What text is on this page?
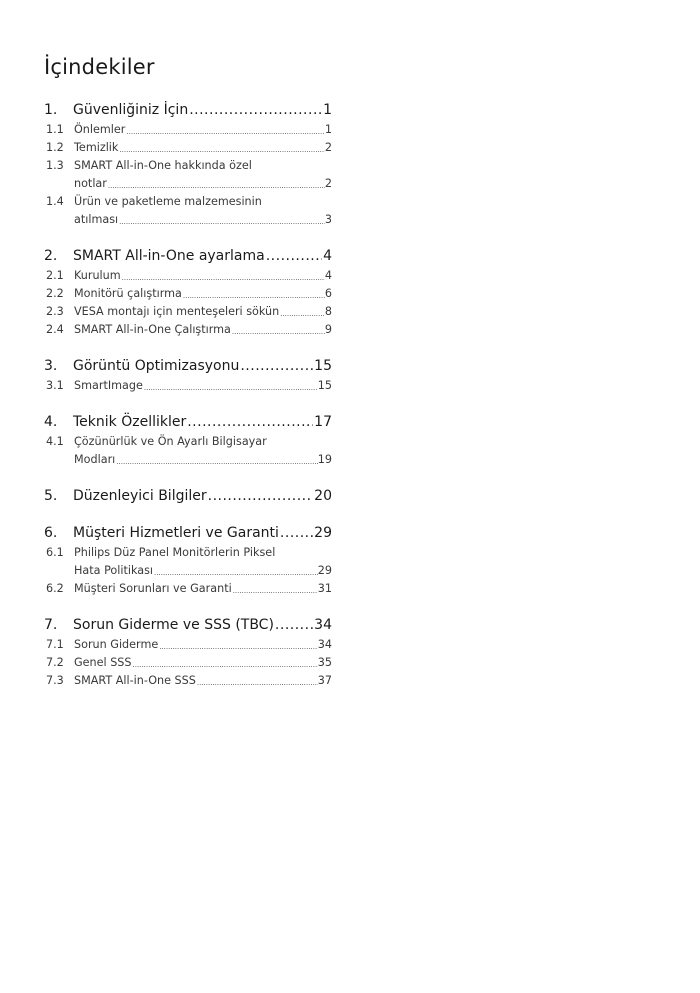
İçindekiler
1.	Güvenliğiniz İçin .....	1
1.1 Önlemler .....	1
1.2 Temizlik .....	2
1.3 SMART All-in-One hakkında özel
notlar .....	2
1.4 Ürün ve paketleme malzemesinin
atılması .....	3
2.	SMART All-in-One ayarlama .....	4
2.1 Kurulum .....	4
2.2 Monitörü çalıştırma .....	6
2.3 VESA montajı için menteşeleri sökün .....	8
2.4 SMART All-in-One Çalıştırma .....	9
3.	Görüntü Optimizasyonu .....	15
3.1 SmartImage .....	15
4.	Teknik Özellikler .....	17
4.1 Çözünürlük ve Ön Ayarlı Bilgisayar
Modları .....	19
5.	Düzenleyici Bilgiler .....	20
6.	Müşteri Hizmetleri ve Garanti .....	29
6.1 Philips Düz Panel Monitörlerin Piksel
Hata Politikası .....	29
6.2 Müşteri Sorunları ve Garanti .....	31
7.	Sorun Giderme ve SSS (TBC) .....	34
7.1 Sorun Giderme .....	34
7.2 Genel SSS .....	35
7.3 SMART All-in-One SSS .....	37
